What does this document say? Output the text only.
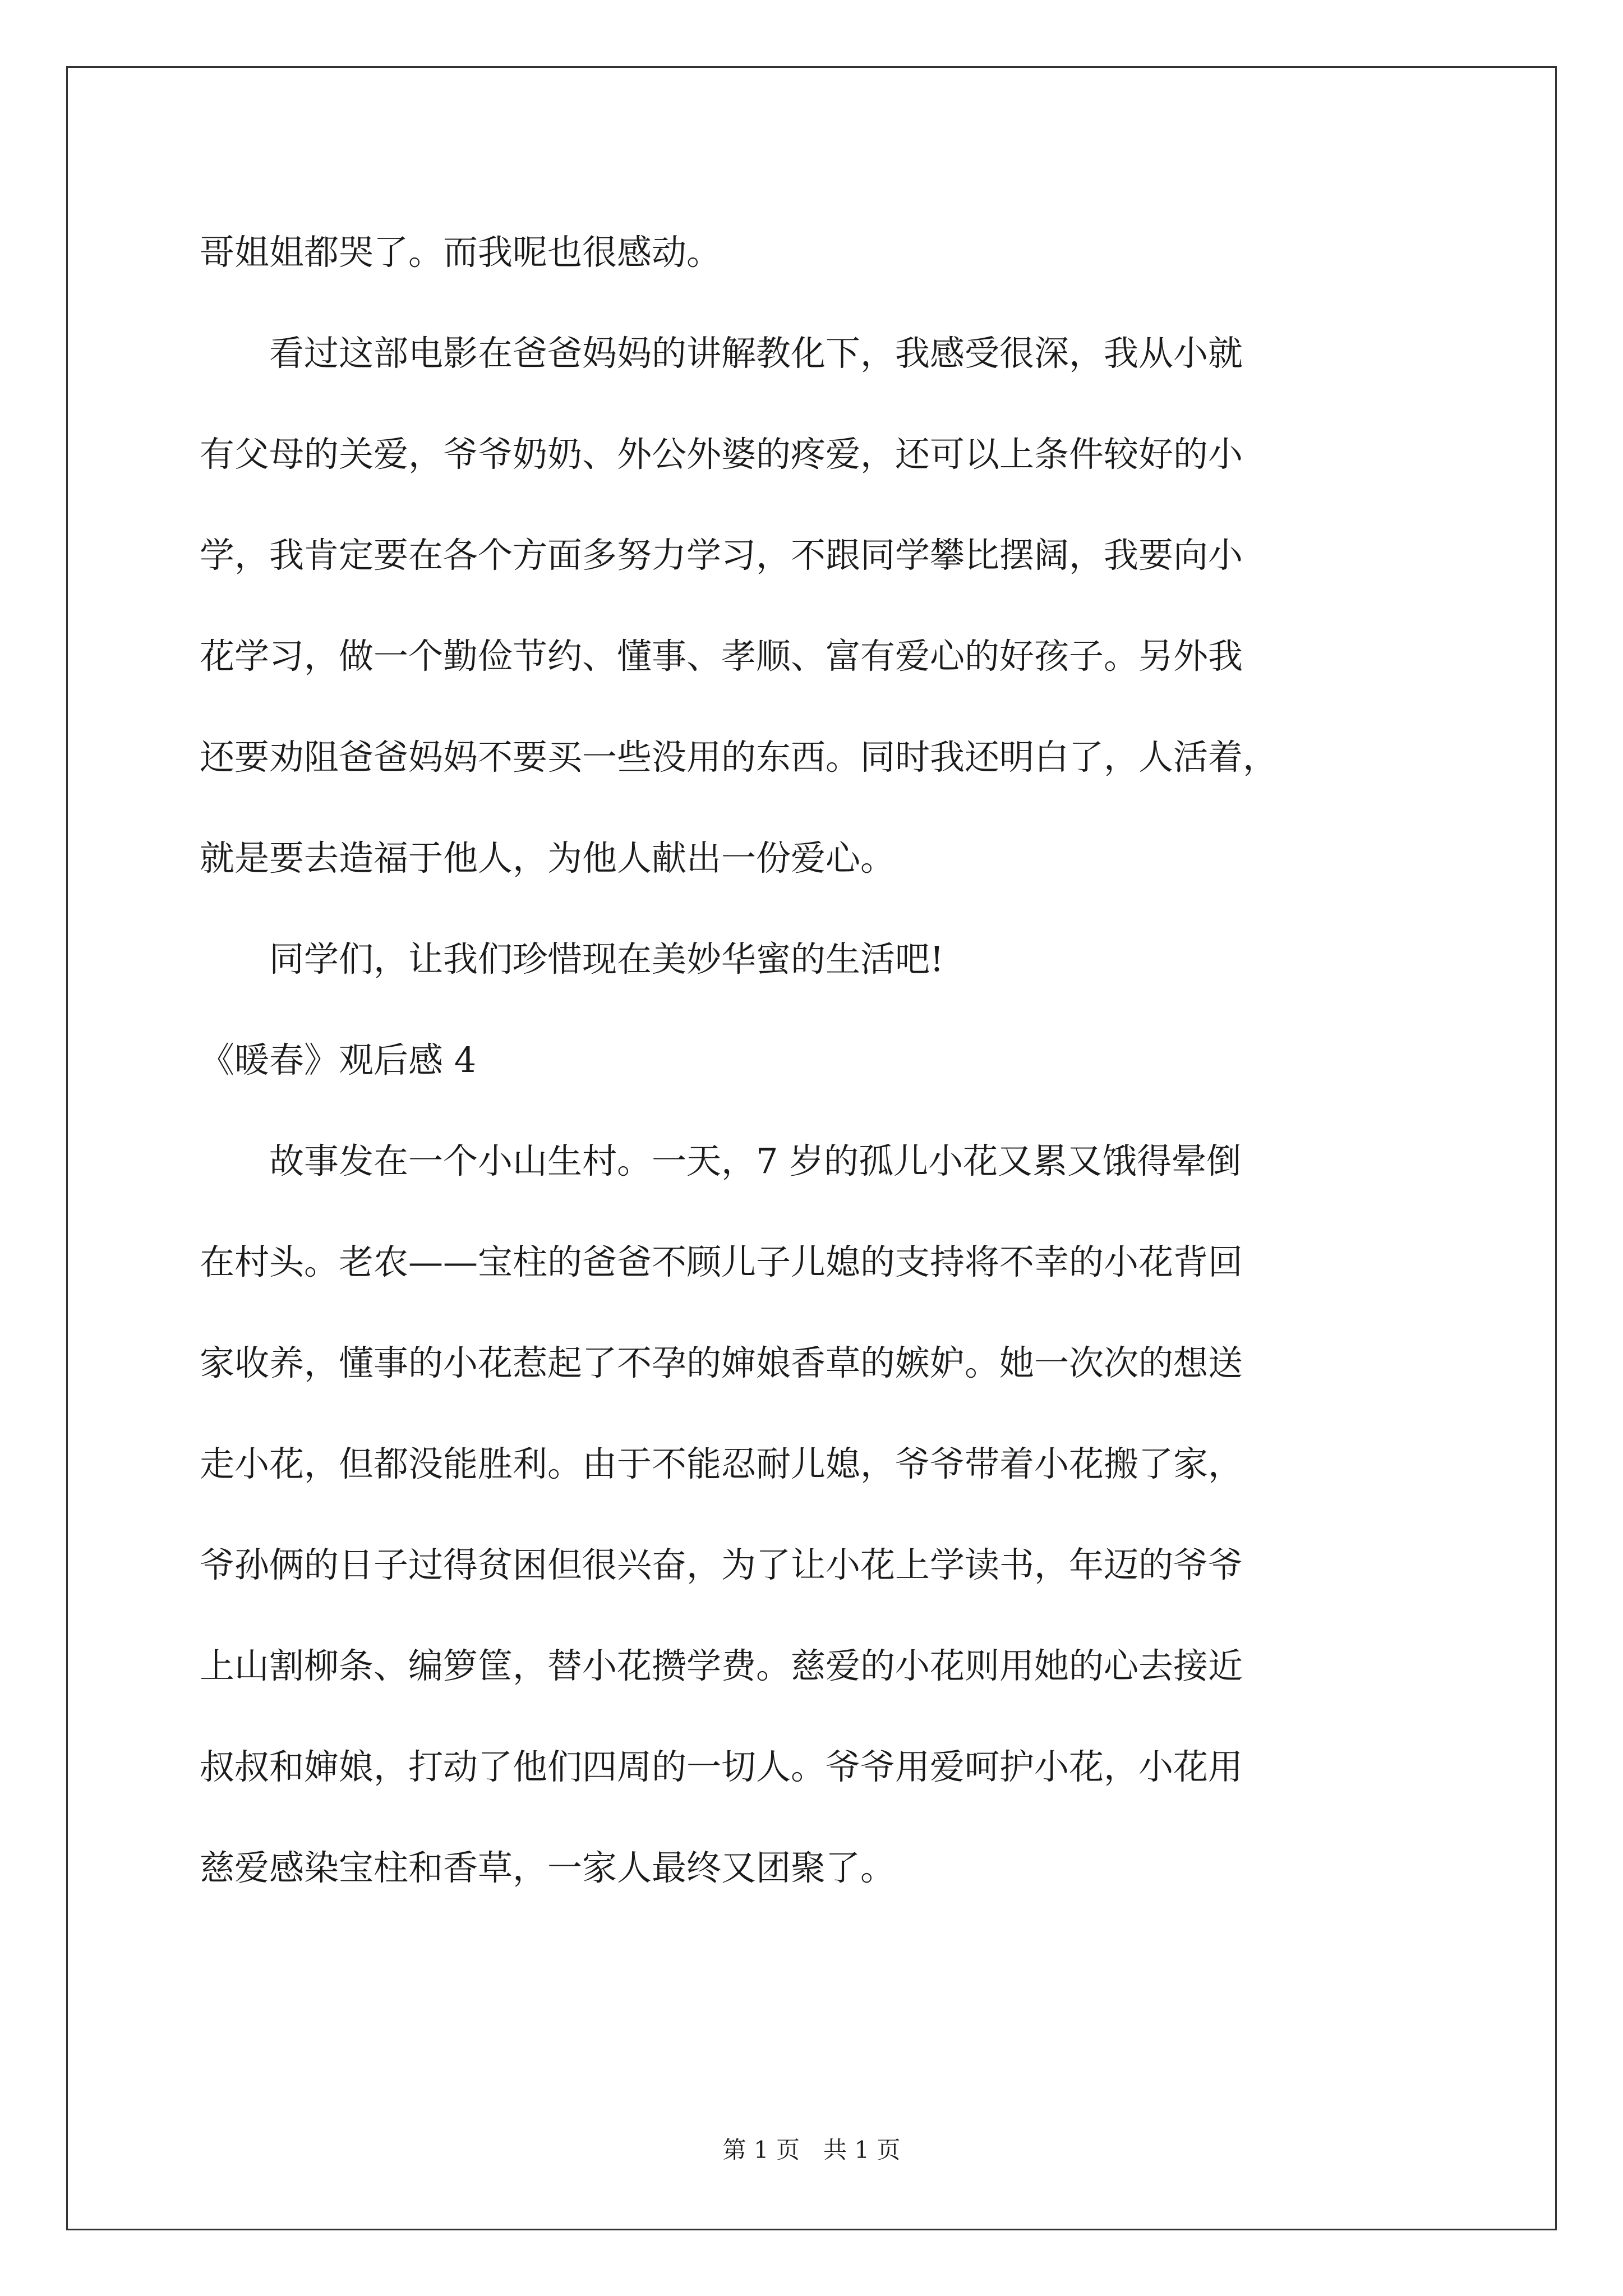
哥姐姐都哭了。而我呢也很感动。
　　看过这部电影在爸爸妈妈的讲解教化下，我感受很深，我从小就
有父母的关爱，爷爷奶奶、外公外婆的疼爱，还可以上条件较好的小
学，我肯定要在各个方面多努力学习，不跟同学攀比摆阔，我要向小
花学习，做一个勤俭节约、懂事、孝顺、富有爱心的好孩子。另外我
还要劝阻爸爸妈妈不要买一些没用的东西。同时我还明白了，人活着，
就是要去造福于他人，为他人献出一份爱心。
　　同学们，让我们珍惜现在美妙华蜜的生活吧!
《暖春》观后感 4
　　故事发在一个小山生村。一天，7 岁的孤儿小花又累又饿得晕倒
在村头。老农——宝柱的爸爸不顾儿子儿媳的支持将不幸的小花背回
家收养，懂事的小花惹起了不孕的婶娘香草的嫉妒。她一次次的想送
走小花，但都没能胜利。由于不能忍耐儿媳，爷爷带着小花搬了家，
爷孙俩的日子过得贫困但很兴奋，为了让小花上学读书，年迈的爷爷
上山割柳条、编箩筐，替小花攒学费。慈爱的小花则用她的心去接近
叔叔和婶娘，打动了他们四周的一切人。爷爷用爱呵护小花，小花用
慈爱感染宝柱和香草，一家人最终又团聚了。
第 1 页　共 1 页
